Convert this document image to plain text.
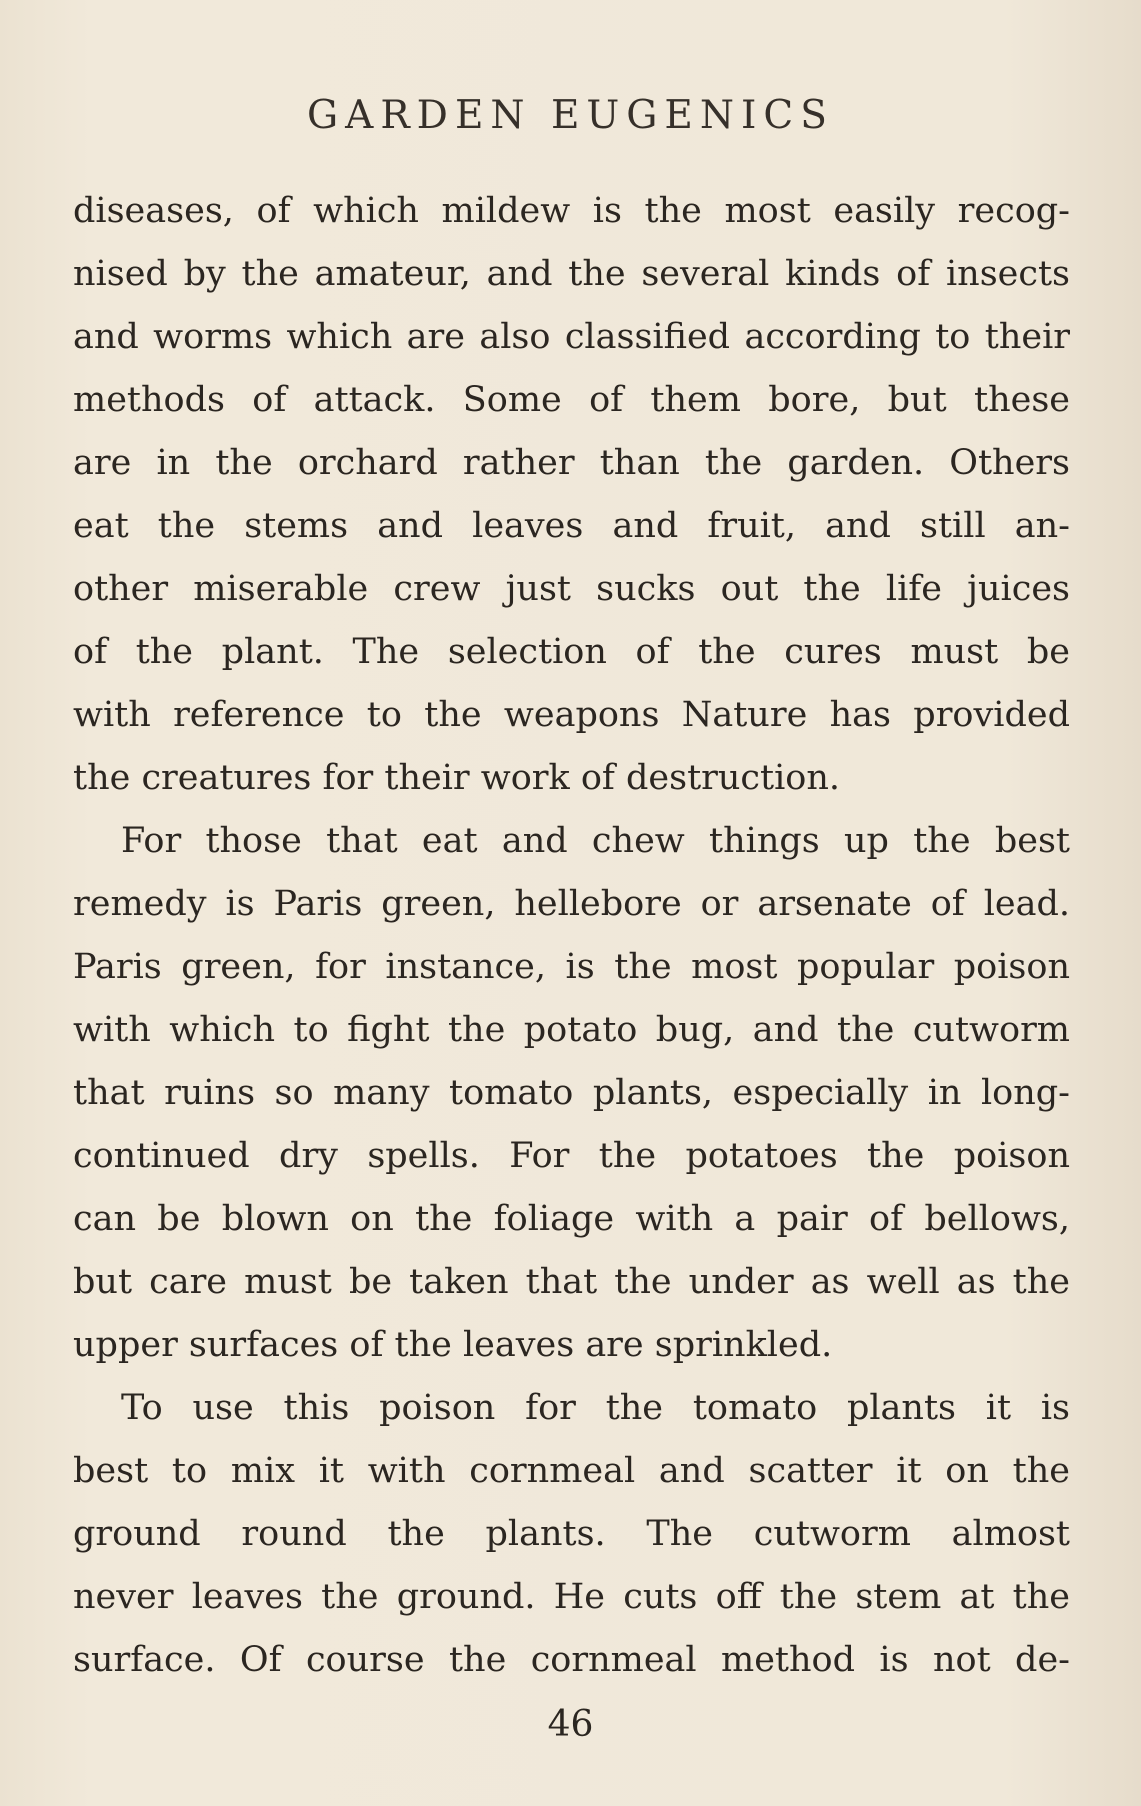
GARDEN EUGENICS
diseases, of which mildew is the most easily recog-
nised by the amateur, and the several kinds of insects
and worms which are also classified according to their
methods of attack. Some of them bore, but these
are in the orchard rather than the garden. Others
eat the stems and leaves and fruit, and still an-
other miserable crew just sucks out the life juices
of the plant. The selection of the cures must be
with reference to the weapons Nature has provided
the creatures for their work of destruction.
For those that eat and chew things up the best
remedy is Paris green, hellebore or arsenate of lead.
Paris green, for instance, is the most popular poison
with which to fight the potato bug, and the cutworm
that ruins so many tomato plants, especially in long-
continued dry spells. For the potatoes the poison
can be blown on the foliage with a pair of bellows,
but care must be taken that the under as well as the
upper surfaces of the leaves are sprinkled.
To use this poison for the tomato plants it is
best to mix it with cornmeal and scatter it on the
ground round the plants. The cutworm almost
never leaves the ground. He cuts off the stem at the
surface. Of course the cornmeal method is not de-
46
